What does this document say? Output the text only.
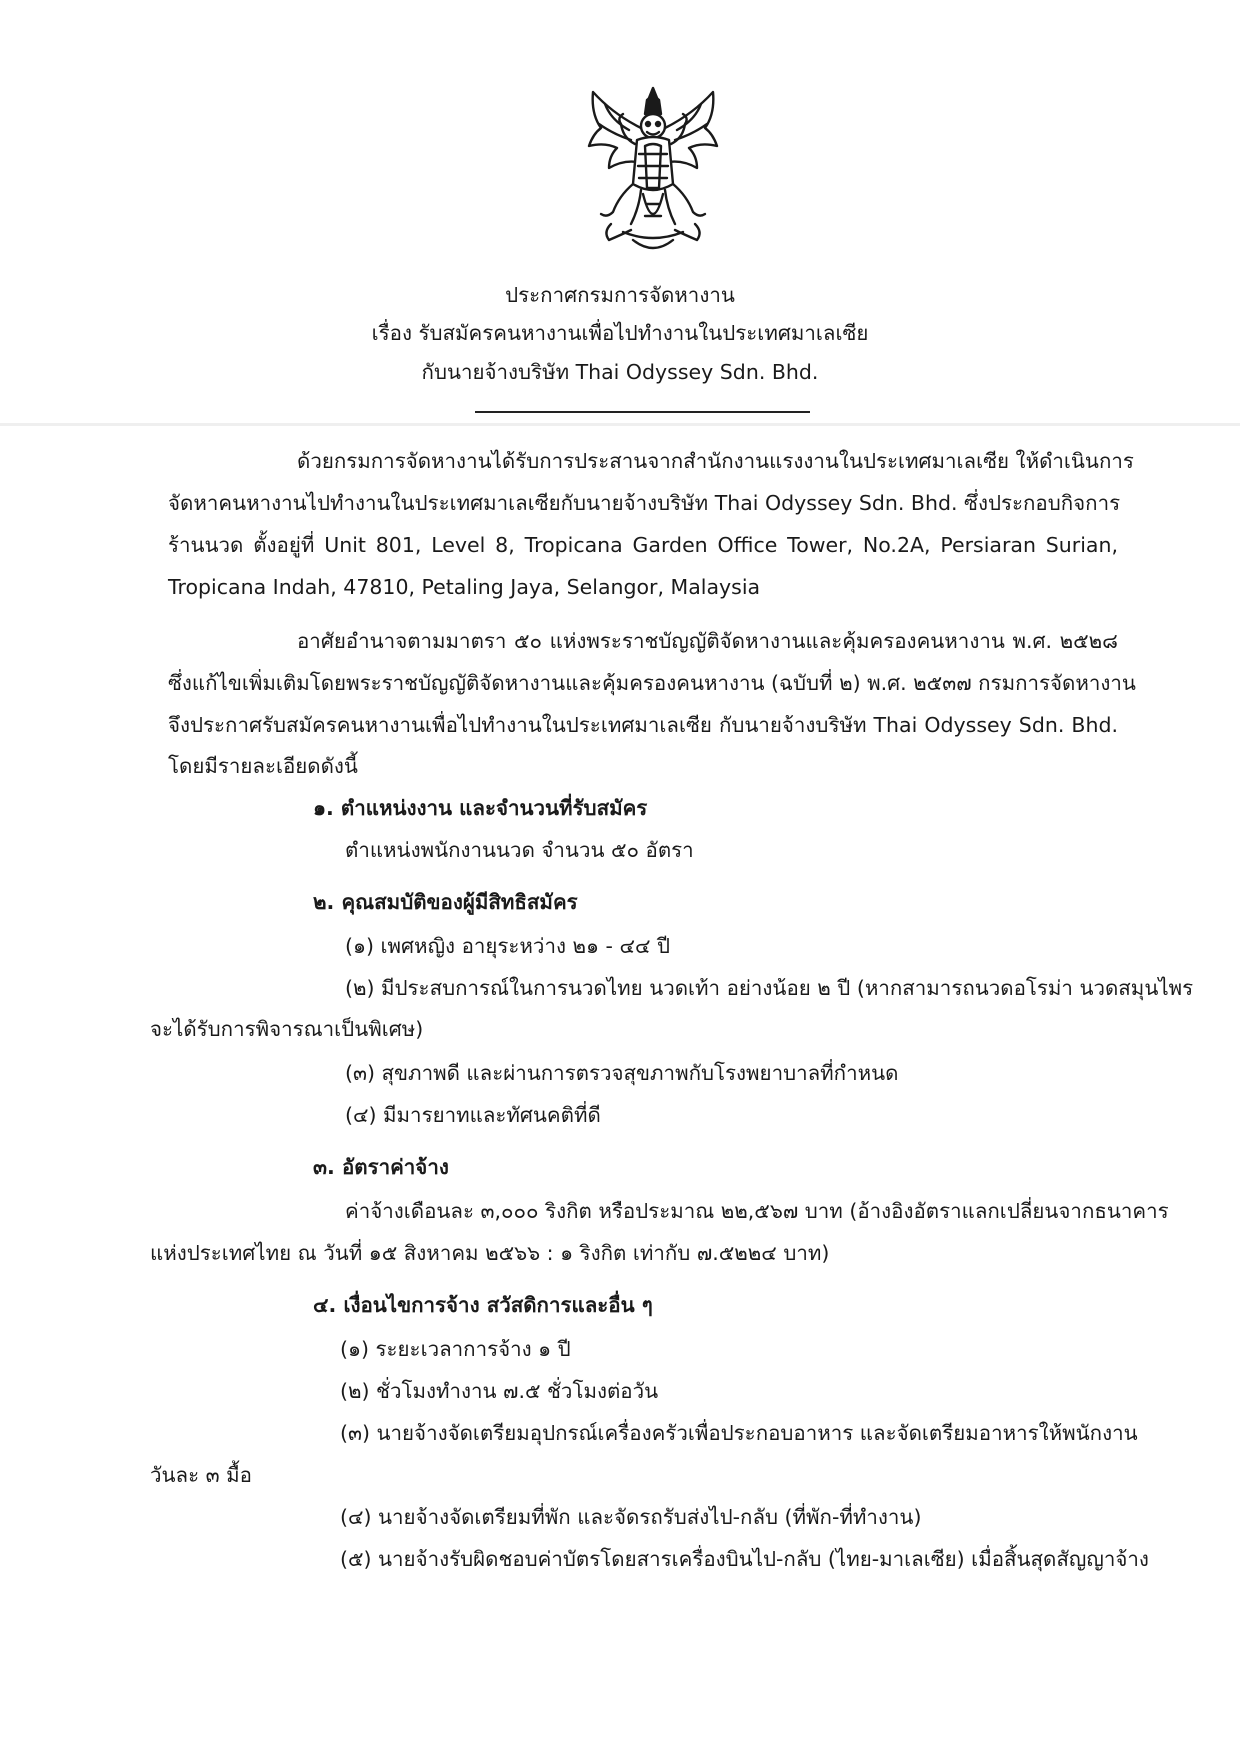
ประกาศกรมการจัดหางาน
เรื่อง รับสมัครคนหางานเพื่อไปทำงานในประเทศมาเลเซีย
กับนายจ้างบริษัท Thai Odyssey Sdn. Bhd.
ด้วยกรมการจัดหางานได้รับการประสานจากสำนักงานแรงงานในประเทศมาเลเซีย ให้ดำเนินการ
จัดหาคนหางานไปทำงานในประเทศมาเลเซียกับนายจ้างบริษัท Thai Odyssey Sdn. Bhd. ซึ่งประกอบกิจการ
ร้านนวด ตั้งอยู่ที่ Unit 801, Level 8, Tropicana Garden Office Tower, No.2A, Persiaran Surian,
Tropicana Indah, 47810, Petaling Jaya, Selangor, Malaysia
อาศัยอำนาจตามมาตรา ๕๐ แห่งพระราชบัญญัติจัดหางานและคุ้มครองคนหางาน พ.ศ. ๒๕๒๘
ซึ่งแก้ไขเพิ่มเติมโดยพระราชบัญญัติจัดหางานและคุ้มครองคนหางาน (ฉบับที่ ๒) พ.ศ. ๒๕๓๗ กรมการจัดหางาน
จึงประกาศรับสมัครคนหางานเพื่อไปทำงานในประเทศมาเลเซีย กับนายจ้างบริษัท Thai Odyssey Sdn. Bhd.
โดยมีรายละเอียดดังนี้
๑. ตำแหน่งงาน และจำนวนที่รับสมัคร
ตำแหน่งพนักงานนวด จำนวน ๕๐ อัตรา
๒. คุณสมบัติของผู้มีสิทธิสมัคร
(๑) เพศหญิง อายุระหว่าง ๒๑ - ๔๔ ปี
(๒) มีประสบการณ์ในการนวดไทย นวดเท้า อย่างน้อย ๒ ปี (หากสามารถนวดอโรม่า นวดสมุนไพร
จะได้รับการพิจารณาเป็นพิเศษ)
(๓) สุขภาพดี และผ่านการตรวจสุขภาพกับโรงพยาบาลที่กำหนด
(๔) มีมารยาทและทัศนคติที่ดี
๓. อัตราค่าจ้าง
ค่าจ้างเดือนละ ๓,๐๐๐ ริงกิต หรือประมาณ ๒๒,๕๖๗ บาท (อ้างอิงอัตราแลกเปลี่ยนจากธนาคาร
แห่งประเทศไทย ณ วันที่ ๑๕ สิงหาคม ๒๕๖๖ : ๑ ริงกิต เท่ากับ ๗.๕๒๒๔ บาท)
๔. เงื่อนไขการจ้าง สวัสดิการและอื่น ๆ
(๑) ระยะเวลาการจ้าง ๑ ปี
(๒) ชั่วโมงทำงาน ๗.๕ ชั่วโมงต่อวัน
(๓) นายจ้างจัดเตรียมอุปกรณ์เครื่องครัวเพื่อประกอบอาหาร และจัดเตรียมอาหารให้พนักงาน
วันละ ๓ มื้อ
(๔) นายจ้างจัดเตรียมที่พัก และจัดรถรับส่งไป-กลับ (ที่พัก-ที่ทำงาน)
(๕) นายจ้างรับผิดชอบค่าบัตรโดยสารเครื่องบินไป-กลับ (ไทย-มาเลเซีย) เมื่อสิ้นสุดสัญญาจ้าง
